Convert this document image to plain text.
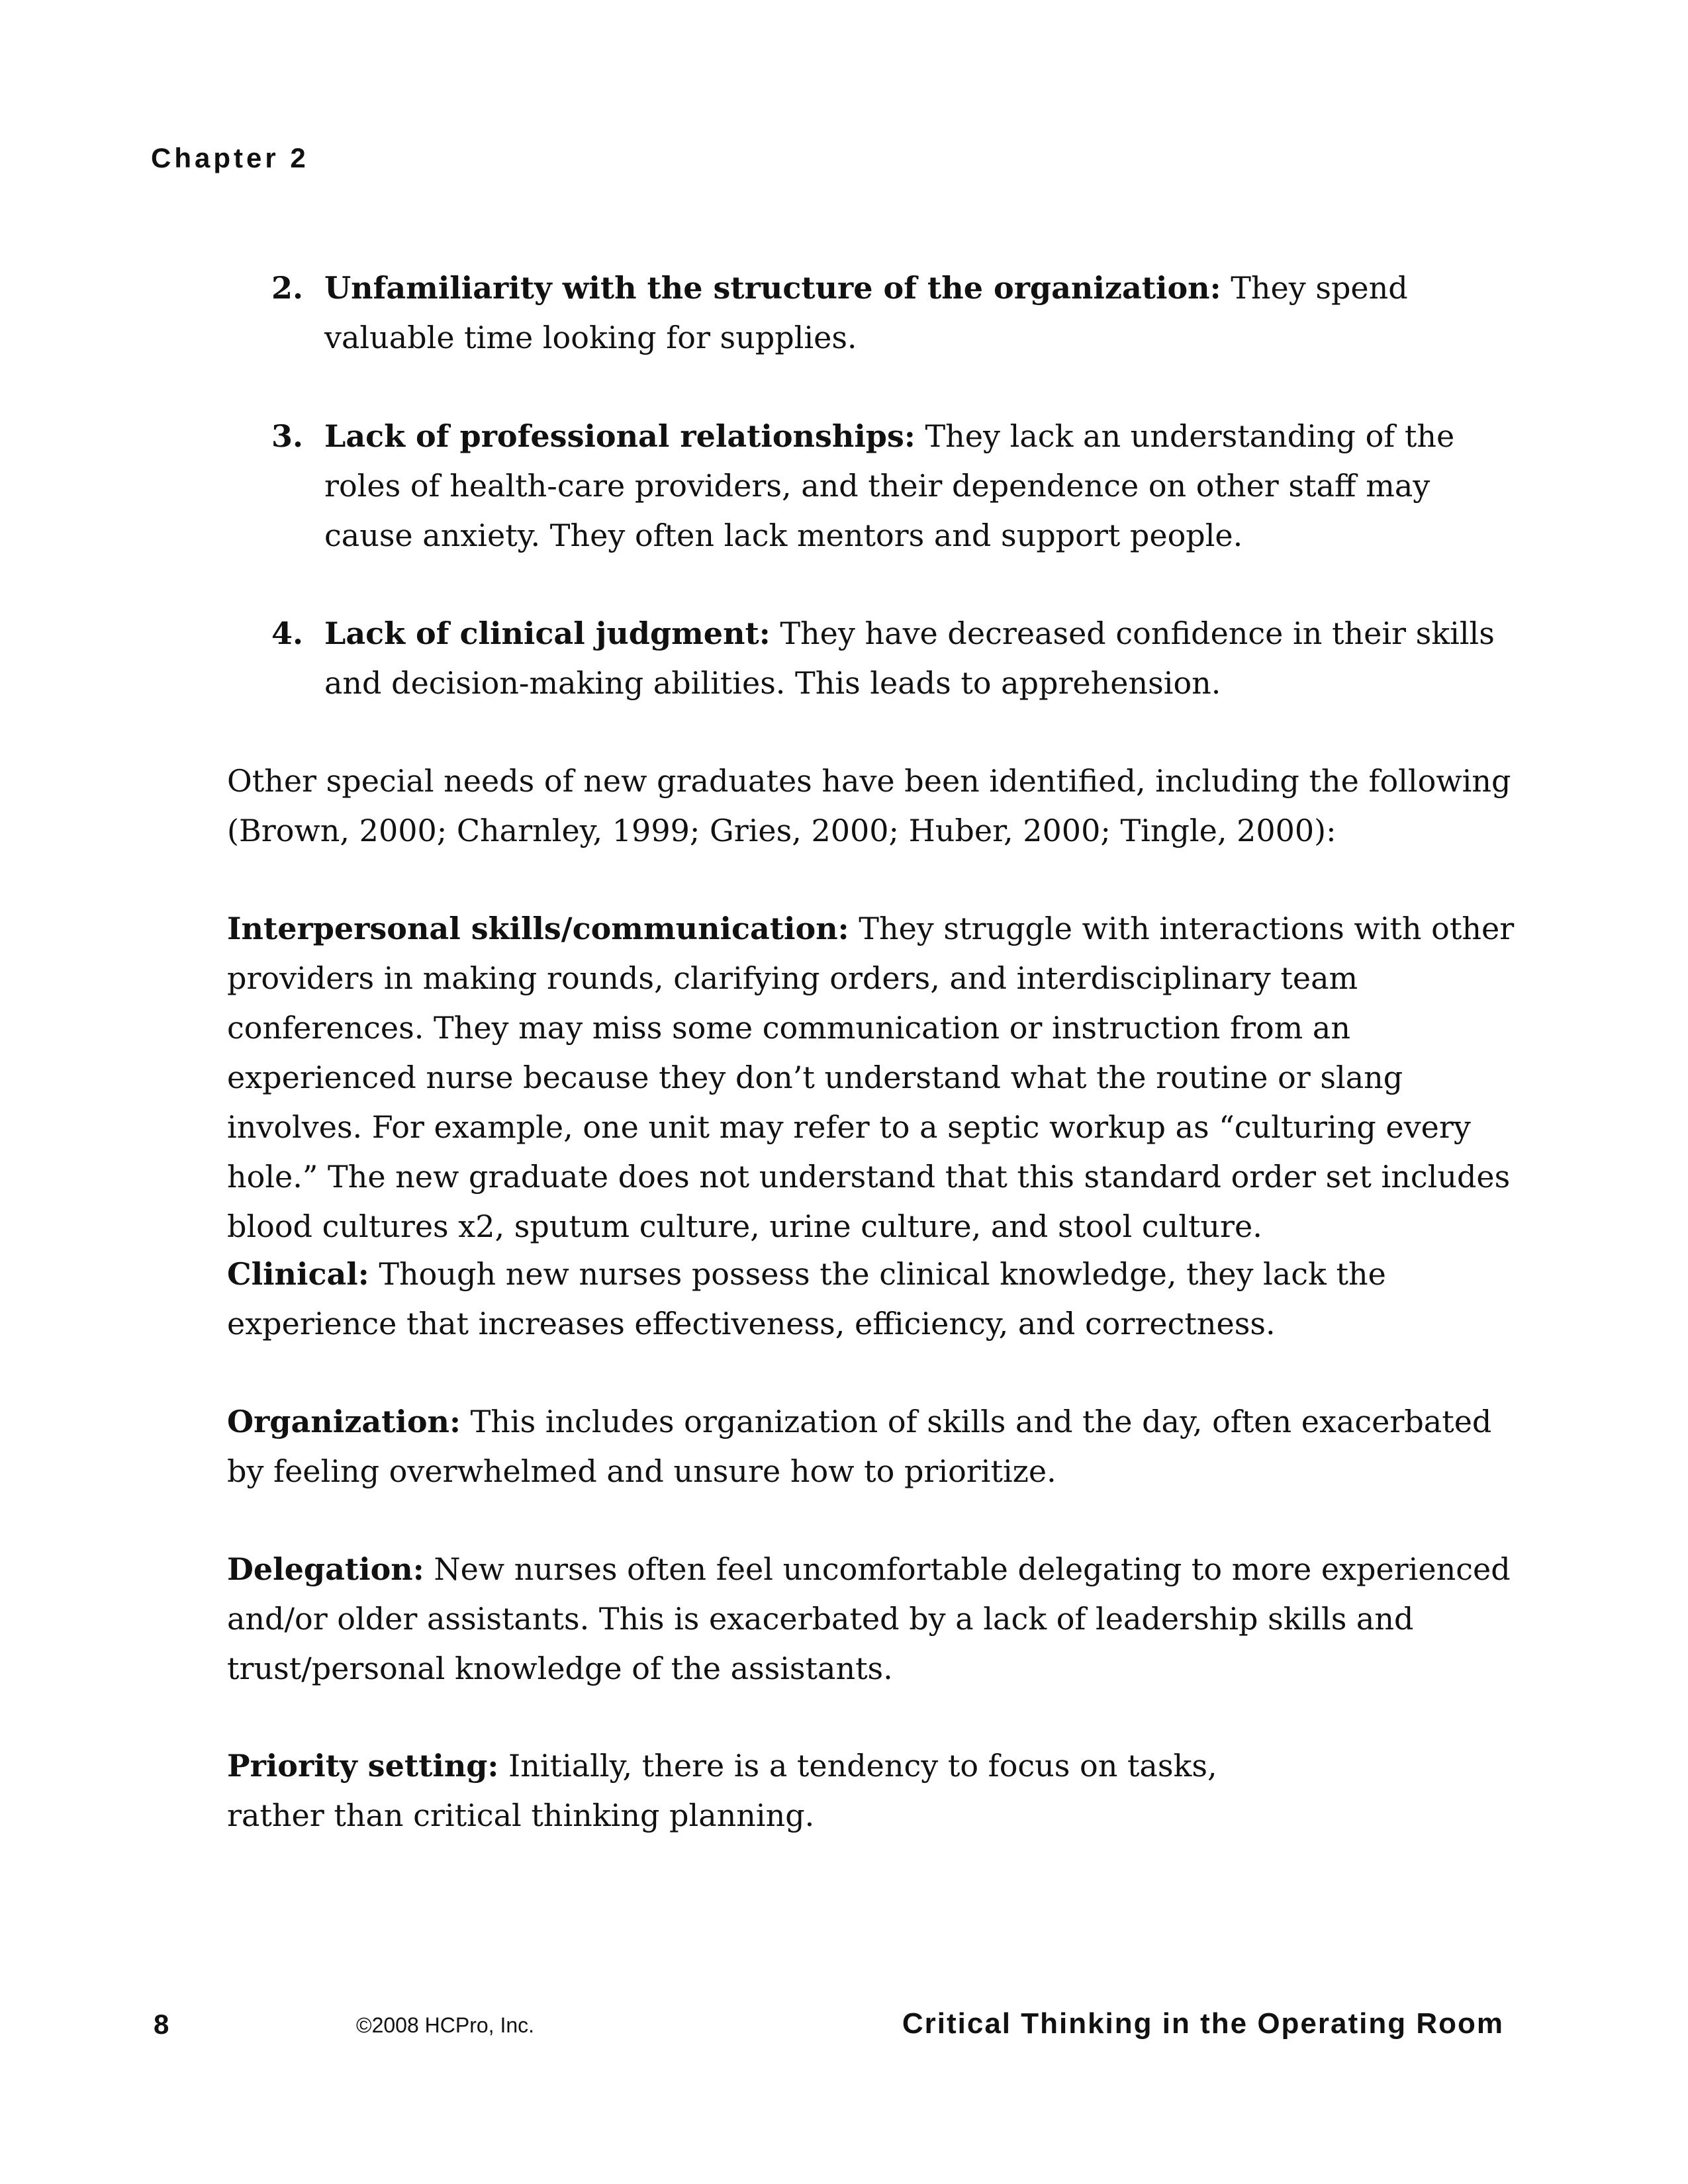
Chapter 2
2. Unfamiliarity with the structure of the organization: They spend valuable time looking for supplies.
3. Lack of professional relationships: They lack an understanding of the roles of health-care providers, and their dependence on other staff may cause anxiety. They often lack mentors and support people.
4. Lack of clinical judgment: They have decreased confidence in their skills and decision-making abilities. This leads to apprehension.

Other special needs of new graduates have been identified, including the following (Brown, 2000; Charnley, 1999; Gries, 2000; Huber, 2000; Tingle, 2000):

Interpersonal skills/communication: They struggle with interactions with other providers in making rounds, clarifying orders, and interdisciplinary team conferences. They may miss some communication or instruction from an experienced nurse because they don’t understand what the routine or slang involves. For example, one unit may refer to a septic workup as “culturing every hole.” The new graduate does not understand that this standard order set includes blood cultures x2, sputum culture, urine culture, and stool culture.

Clinical: Though new nurses possess the clinical knowledge, they lack the experience that increases effectiveness, efficiency, and correctness.

Organization: This includes organization of skills and the day, often exacerbated by feeling overwhelmed and unsure how to prioritize.

Delegation: New nurses often feel uncomfortable delegating to more experienced and/or older assistants. This is exacerbated by a lack of leadership skills and trust/personal knowledge of the assistants.

Priority setting: Initially, there is a tendency to focus on tasks, rather than critical thinking planning.

8	©2008 HCPro, Inc.	Critical Thinking in the Operating Room
